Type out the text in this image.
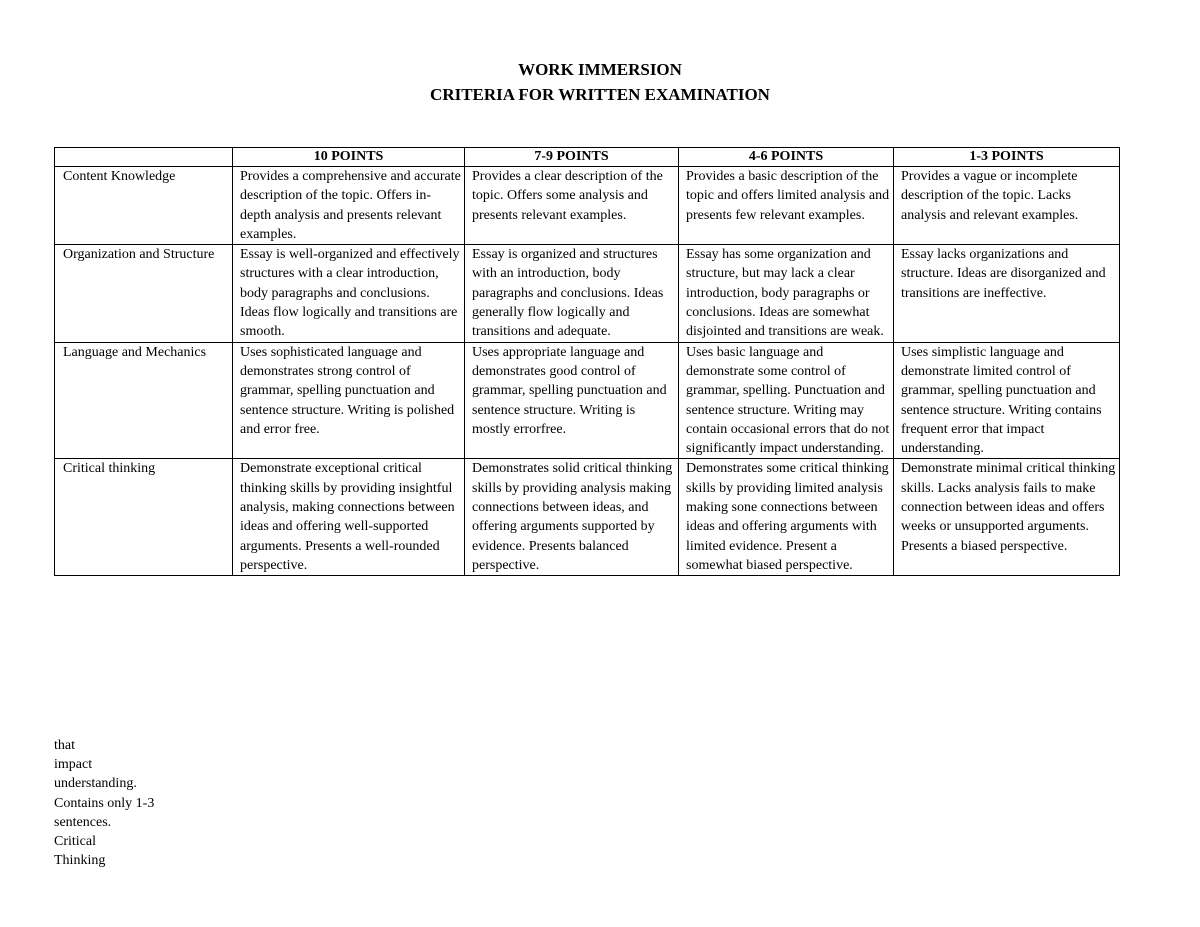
WORK IMMERSION
CRITERIA FOR WRITTEN EXAMINATION
	10 POINTS	7-9 POINTS	4-6 POINTS	1-3 POINTS
Content Knowledge	Provides a comprehensive and accurate description of the topic. Offers in-depth analysis and presents relevant examples.	Provides a clear description of the topic. Offers some analysis and presents relevant examples.	Provides a basic description of the topic and offers limited analysis and presents few relevant examples.	Provides a vague or incomplete description of the topic. Lacks analysis and relevant examples.
Organization and Structure	Essay is well-organized and effectively structures with a clear introduction, body paragraphs and conclusions. Ideas flow logically and transitions are smooth.	Essay is organized and structures with an introduction, body paragraphs and conclusions. Ideas generally flow logically and transitions and adequate.	Essay has some organization and structure, but may lack a clear introduction, body paragraphs or conclusions. Ideas are somewhat disjointed and transitions are weak.	Essay lacks organizations and structure. Ideas are disorganized and transitions are ineffective.
Language and Mechanics	Uses sophisticated language and demonstrates strong control of grammar, spelling punctuation and sentence structure. Writing is polished and error free.	Uses appropriate language and demonstrates good control of grammar, spelling punctuation and sentence structure. Writing is mostly errorfree.	Uses basic language and demonstrate some control of grammar, spelling. Punctuation and sentence structure. Writing may contain occasional errors that do not significantly impact understanding.	Uses simplistic language and demonstrate limited control of grammar, spelling punctuation and sentence structure. Writing contains frequent error that impact understanding.
Critical thinking	Demonstrate exceptional critical thinking skills by providing insightful analysis, making connections between ideas and offering well-supported arguments. Presents a well-rounded perspective.	Demonstrates solid critical thinking skills by providing analysis making connections between ideas, and offering arguments supported by evidence. Presents balanced perspective.	Demonstrates some critical thinking skills by providing limited analysis making sone connections between ideas and offering arguments with limited evidence. Present a somewhat biased perspective.	Demonstrate minimal critical thinking skills. Lacks analysis fails to make connection between ideas and offers weeks or unsupported arguments. Presents a biased perspective.
that
impact
understanding.
Contains only 1-3
sentences.
Critical
Thinking
